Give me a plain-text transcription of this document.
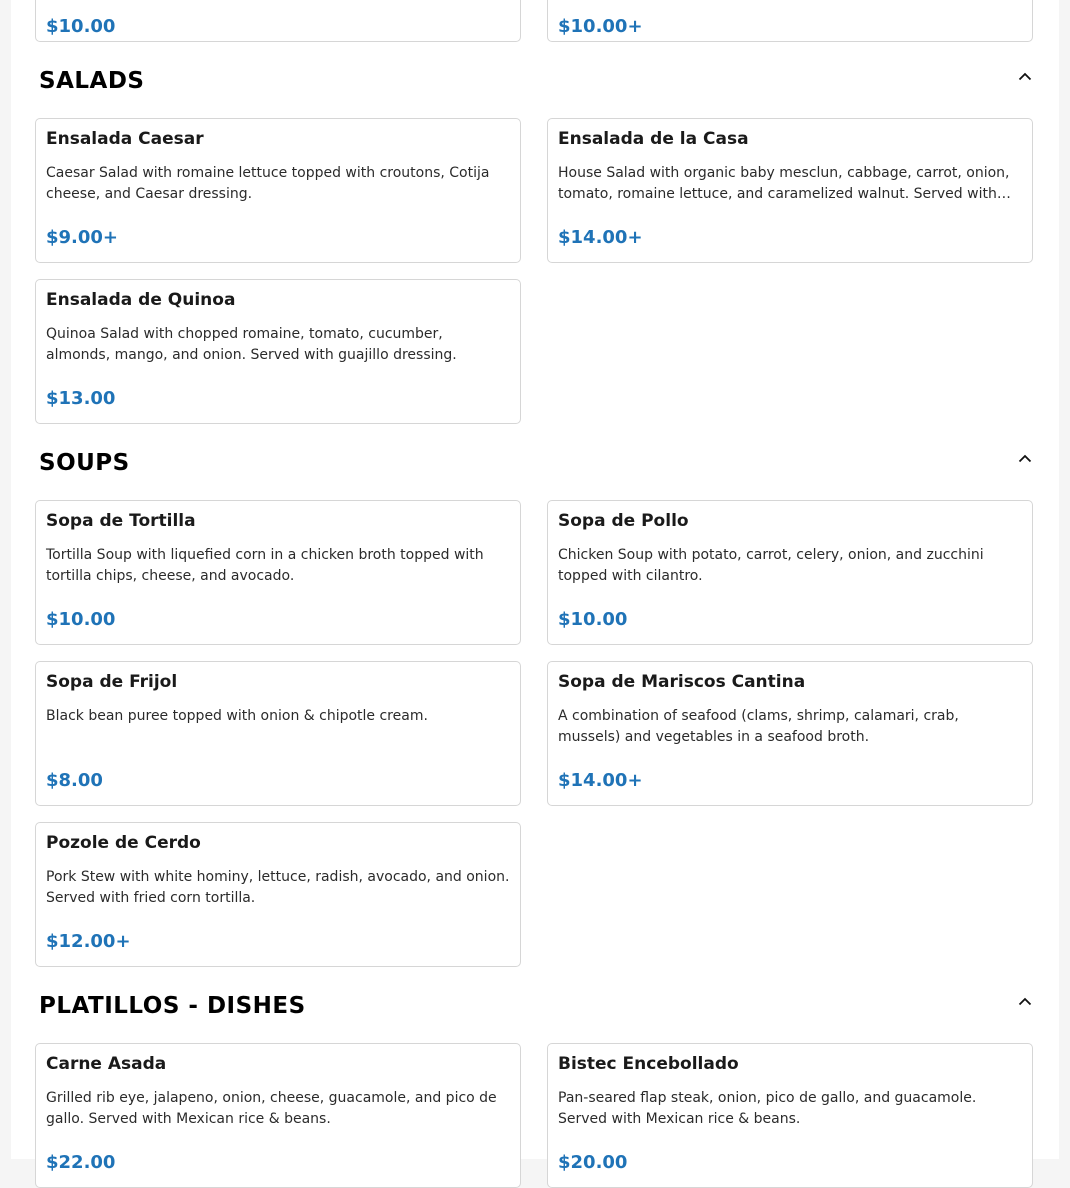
$10.00	$10.00+
SALADS
Ensalada Caesar
Caesar Salad with romaine lettuce topped with croutons, Cotija cheese, and Caesar dressing.
$9.00+
Ensalada de la Casa
House Salad with organic baby mesclun, cabbage, carrot, onion, tomato, romaine lettuce, and caramelized walnut. Served with…
$14.00+
Ensalada de Quinoa
Quinoa Salad with chopped romaine, tomato, cucumber, almonds, mango, and onion. Served with guajillo dressing.
$13.00
SOUPS
Sopa de Tortilla
Tortilla Soup with liquefied corn in a chicken broth topped with tortilla chips, cheese, and avocado.
$10.00
Sopa de Pollo
Chicken Soup with potato, carrot, celery, onion, and zucchini topped with cilantro.
$10.00
Sopa de Frijol
Black bean puree topped with onion & chipotle cream.
$8.00
Sopa de Mariscos Cantina
A combination of seafood (clams, shrimp, calamari, crab, mussels) and vegetables in a seafood broth.
$14.00+
Pozole de Cerdo
Pork Stew with white hominy, lettuce, radish, avocado, and onion. Served with fried corn tortilla.
$12.00+
PLATILLOS - DISHES
Carne Asada
Grilled rib eye, jalapeno, onion, cheese, guacamole, and pico de gallo. Served with Mexican rice & beans.
$22.00
Bistec Encebollado
Pan-seared flap steak, onion, pico de gallo, and guacamole. Served with Mexican rice & beans.
$20.00
